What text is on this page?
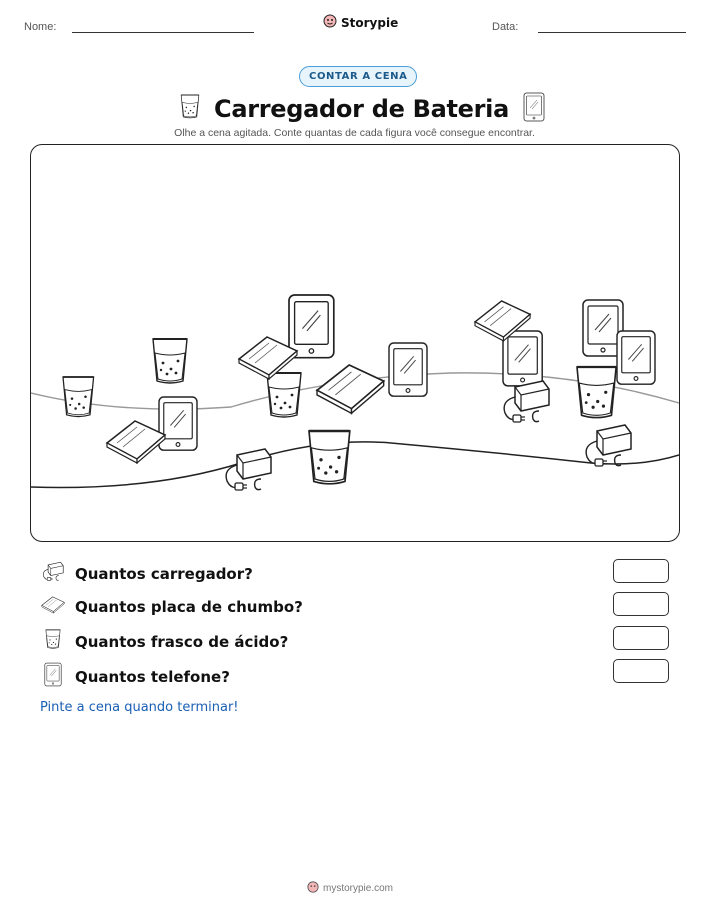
Nome:	Storypie	Data:
CONTAR A CENA
Carregador de Bateria
Olhe a cena agitada. Conte quantas de cada figura você consegue encontrar.
Quantos carregador?
Quantos placa de chumbo?
Quantos frasco de ácido?
Quantos telefone?
Pinte a cena quando terminar!
mystorypie.com
